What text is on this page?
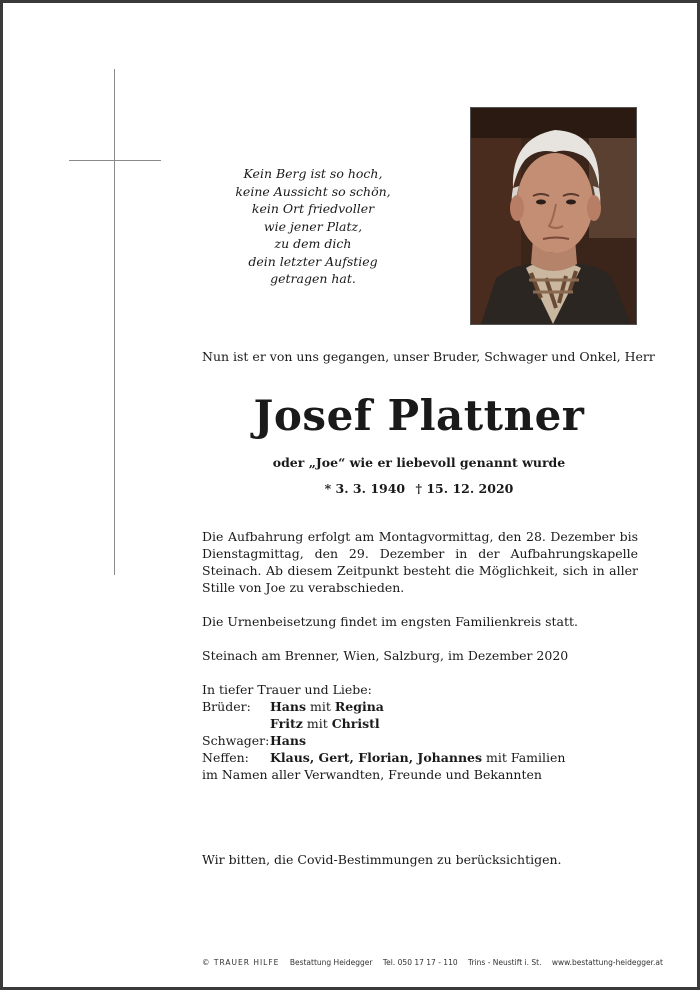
Kein Berg ist so hoch,
keine Aussicht so schön,
kein Ort friedvoller
wie jener Platz,
zu dem dich
dein letzter Aufstieg
getragen hat.
Nun ist er von uns gegangen, unser Bruder, Schwager und Onkel, Herr
Josef Plattner
oder „Joe“ wie er liebevoll genannt wurde
* 3. 3. 1940 † 15. 12. 2020
Die Aufbahrung erfolgt am Montagvormittag, den 28. Dezember bis Dienstagmittag, den 29. Dezember in der Aufbahrungskapelle Steinach. Ab diesem Zeitpunkt besteht die Möglichkeit, sich in aller Stille von Joe zu verabschieden.
Die Urnenbeisetzung findet im engsten Familienkreis statt.
Steinach am Brenner, Wien, Salzburg, im Dezember 2020
In tiefer Trauer und Liebe:
Brüder:	Hans mit Regina
Fritz mit Christl
Schwager: Hans
Neffen:	Klaus, Gert, Florian, Johannes mit Familien
im Namen aller Verwandten, Freunde und Bekannten
Wir bitten, die Covid-Bestimmungen zu berücksichtigen.
© TRAUER HILFE Bestattung Heidegger Tel. 050 17 17 - 110 Trins - Neustift i. St. www.bestattung-heidegger.at
